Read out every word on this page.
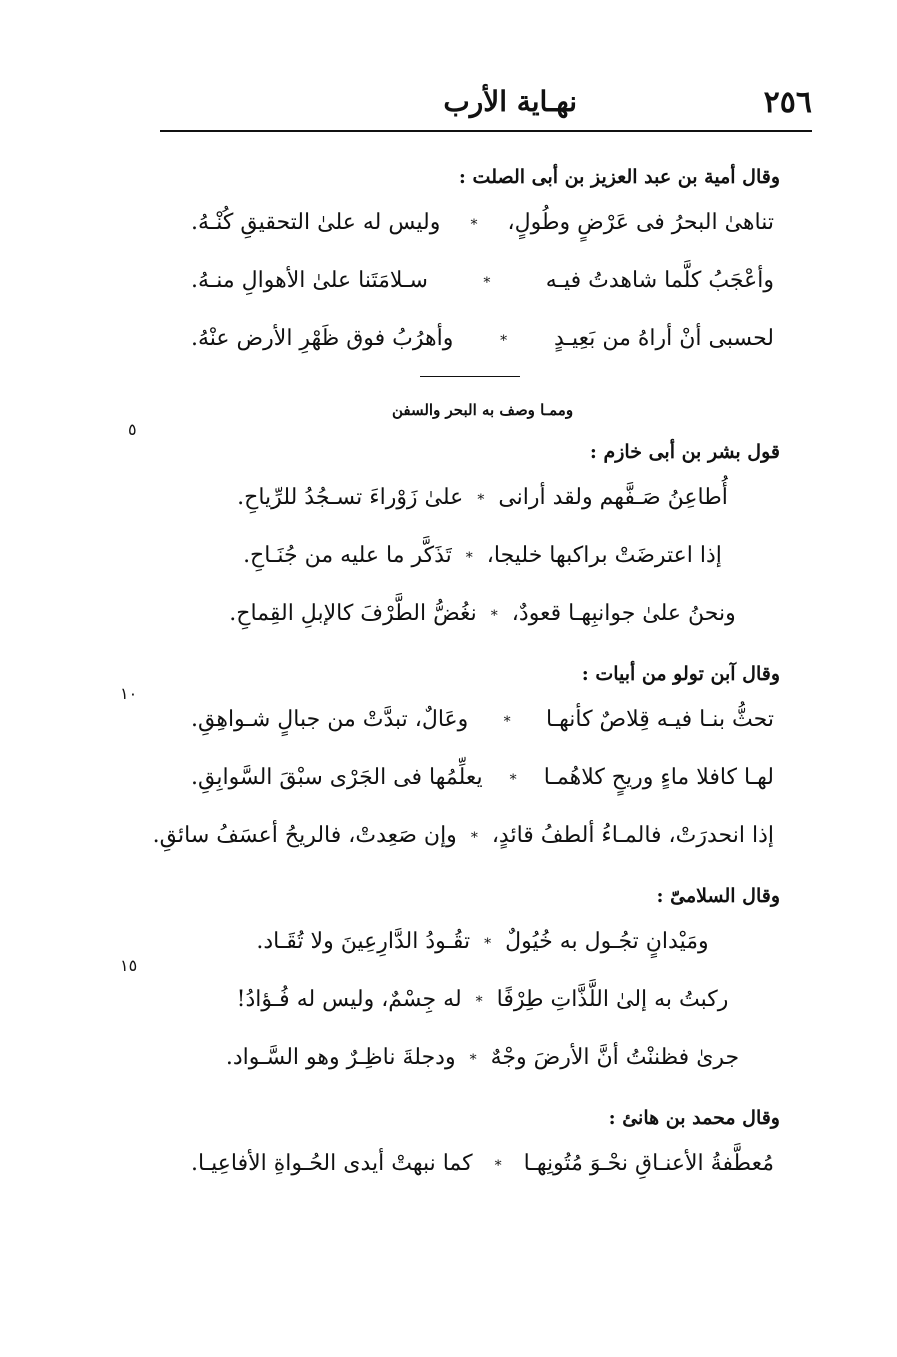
٢٥٦
نهـاية الأرب
٥
١٠
١٥

وقال أمية بن عبد العزيز بن أبى الصلت :

تناهىٰ البحرُ فى عَرْضٍ وطُولٍ،
*
وليس له علىٰ التحقيقِ كُنْـهُ.
وأعْجَبُ كلَّما شاهدتُ فيـه
*
سـلامَتَنا علىٰ الأهوالِ منـهُ.
لحسبى أنْ أراهُ من بَعِيـدٍ
*
وأهرُبُ فوق ظَهْرِ الأرض عنْهُ.
وممـا وصف به البحر والسفن

قول بشر بن أبى خازم :

أُطاعِنُ صَـفَّهم ولقد أرانى
*
علىٰ زَوْراءَ تسـجُدُ للرِّياحِ.
إذا اعترضَتْ براكبها خليجا،
*
تَذَكَّر ما عليه من جُنَـاحِ.
ونحنُ علىٰ جوانبِهـا قعودٌ،
*
نغُضُّ الطَّرْفَ كالإبلِ القِماحِ.

وقال آبن تولو من أبيات :

تحثُّ بنـا فيـه قِلاصٌ كأنهـا
*
وعَالٌ، تبدَّتْ من جبالٍ شـواهِقِ.
لهـا كافلا ماءٍ وريحٍ كلاهُمـا
*
يعلِّمُها فى الجَرْى سبْقَ السَّوابِقِ.
إذا انحدرَتْ، فالمـاءُ ألطفُ قائدٍ،
*
وإن صَعِدتْ، فالريحُ أعسَفُ سائقِ.

وقال السلامىّ :

ومَيْدانٍ تجُـول به خُيُولٌ
*
تقُـودُ الدَّارِعِينَ ولا تُقَـاد.
ركبتُ به إلىٰ اللَّذَّاتِ طِرْفًا
*
له جِسْمٌ، وليس له فُـؤادُ!
جرىٰ فظننْتُ أنَّ الأرضَ وجْهٌ
*
ودجلةَ ناظِـرٌ وهو السَّـواد.

وقال محمد بن هانئ :

مُعطَّفةُ الأعنـاقِ نحْـوَ مُتُونِهـا
*
كما نبهتْ أيدى الحُـواةِ الأفاعِيـا.
